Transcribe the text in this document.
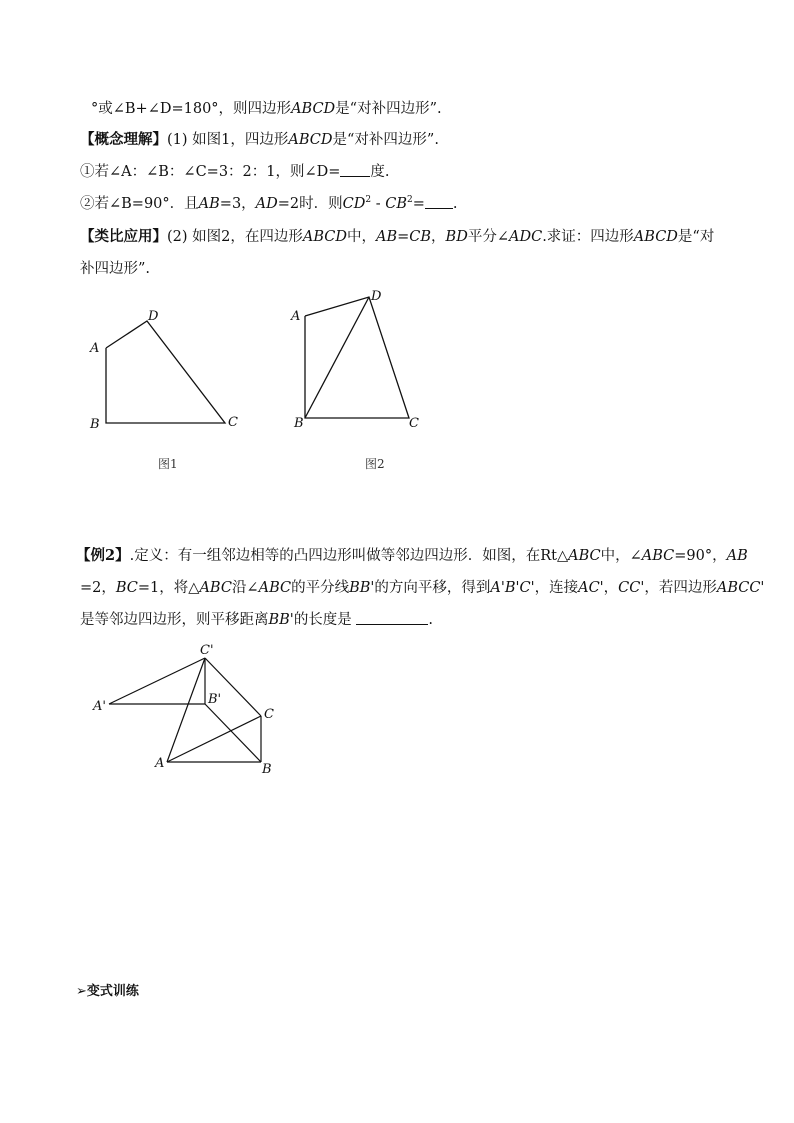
°或∠B+∠D=180°，则四边形ABCD是“对补四边形”.
【概念理解】(1) 如图1，四边形ABCD是“对补四边形”.
①若∠A：∠B：∠C=3：2：1，则∠D= 度.
②若∠B=90°．且AB=3，AD=2时．则$CD^2 - CB^2=$ .
【类比应用】(2) 如图2，在四边形ABCD中，AB=CB，BD平分∠ADC.求证：四边形ABCD是“对
补四边形”.
A
D
B	C
图1
A
D
B	C
图2
【例2】.定义：有一组邻边相等的凸四边形叫做等邻边四边形．如图，在Rt△ABC中，∠ABC=90°，AB
=2，BC=1，将△ABC沿∠ABC的平分线BB'的方向平移，得到A'B'C'，连接AC'，CC'，若四边形ABCC'
是等邻边四边形，则平移距离BB'的长度是	.
A	B
C
A'	B'
C'
➢变式训练
